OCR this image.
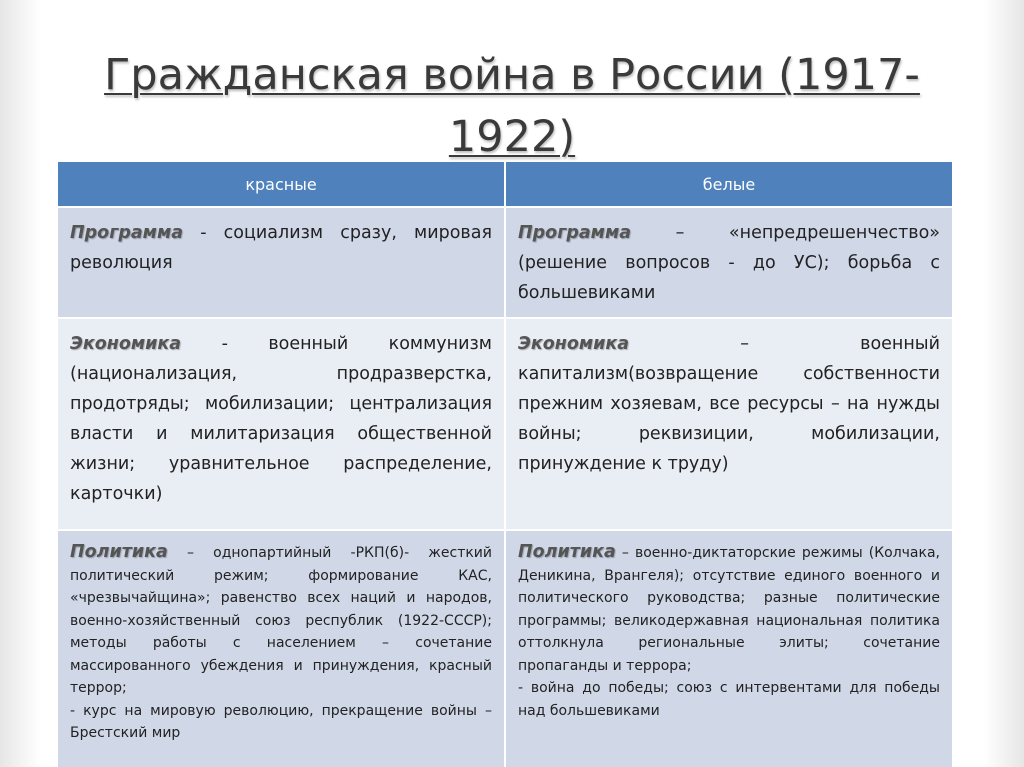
Гражданская война в России (1917-1922)
красные	белые

Программа - социализм сразу, мировая революция

Программа – «непредрешенчество» (решение вопросов - до УС); борьба с большевиками

Экономика - военный коммунизм (национализация, продразверстка, продотряды; мобилизации; централизация власти и милитаризация общественной жизни; уравнительное распределение, карточки)

Экономика – военный капитализм(возвращение собственности прежним хозяевам, все ресурсы – на нужды войны; реквизиции, мобилизации, принуждение к труду)

Политика – однопартийный -РКП(б)- жесткий политический режим; формирование КАС, «чрезвычайщина»; равенство всех наций и народов, военно-хозяйственный союз республик (1922-СССР); методы работы с населением – сочетание массированного убеждения и принуждения, красный террор;

- курс на мировую революцию, прекращение войны – Брестский мир

Политика – военно-диктаторские режимы (Колчака, Деникина, Врангеля); отсутствие единого военного и политического руководства; разные политические программы; великодержавная национальная политика оттолкнула региональные элиты; сочетание пропаганды и террора;

- война до победы; союз с интервентами для победы над большевиками
